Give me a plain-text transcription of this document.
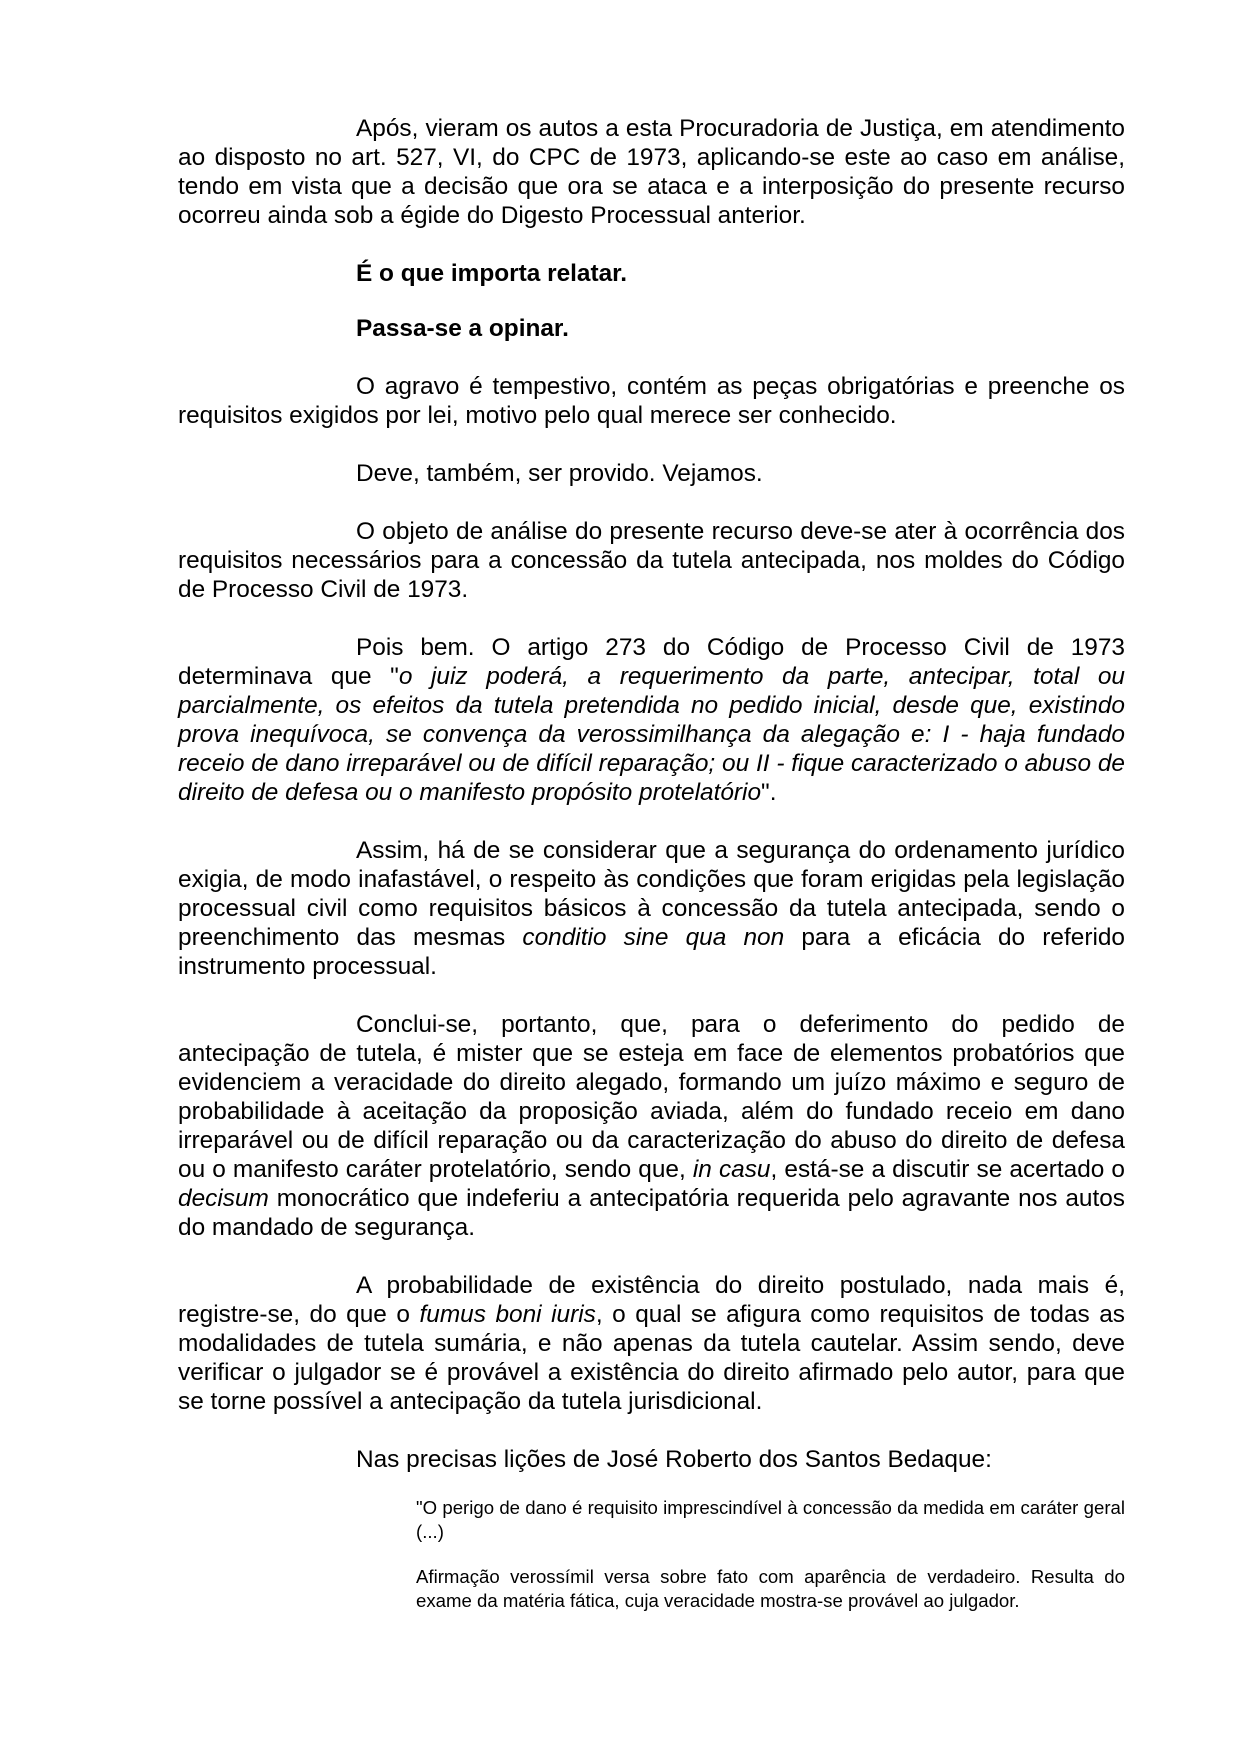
Após, vieram os autos a esta Procuradoria de Justiça, em atendimento ao disposto no art. 527, VI, do CPC de 1973, aplicando-se este ao caso em análise, tendo em vista que a decisão que ora se ataca e a interposição do presente recurso ocorreu ainda sob a égide do Digesto Processual anterior.

É o que importa relatar.

Passa-se a opinar.

O agravo é tempestivo, contém as peças obrigatórias e preenche os requisitos exigidos por lei, motivo pelo qual merece ser conhecido.

Deve, também, ser provido. Vejamos.

O objeto de análise do presente recurso deve-se ater à ocorrência dos requisitos necessários para a concessão da tutela antecipada, nos moldes do Código de Processo Civil de 1973.

Pois bem. O artigo 273 do Código de Processo Civil de 1973 determinava que "o juiz poderá, a requerimento da parte, antecipar, total ou parcialmente, os efeitos da tutela pretendida no pedido inicial, desde que, existindo prova inequívoca, se convença da verossimilhança da alegação e: I - haja fundado receio de dano irreparável ou de difícil reparação; ou II - fique caracterizado o abuso de direito de defesa ou o manifesto propósito protelatório".

Assim, há de se considerar que a segurança do ordenamento jurídico exigia, de modo inafastável, o respeito às condições que foram erigidas pela legislação processual civil como requisitos básicos à concessão da tutela antecipada, sendo o preenchimento das mesmas conditio sine qua non para a eficácia do referido instrumento processual.

Conclui-se, portanto, que, para o deferimento do pedido de antecipação de tutela, é mister que se esteja em face de elementos probatórios que evidenciem a veracidade do direito alegado, formando um juízo máximo e seguro de probabilidade à aceitação da proposição aviada, além do fundado receio em dano irreparável ou de difícil reparação ou da caracterização do abuso do direito de defesa ou o manifesto caráter protelatório, sendo que, in casu, está-se a discutir se acertado o decisum monocrático que indeferiu a antecipatória requerida pelo agravante nos autos do mandado de segurança.

A probabilidade de existência do direito postulado, nada mais é, registre-se, do que o fumus boni iuris, o qual se afigura como requisitos de todas as modalidades de tutela sumária, e não apenas da tutela cautelar. Assim sendo, deve verificar o julgador se é provável a existência do direito afirmado pelo autor, para que se torne possível a antecipação da tutela jurisdicional.

Nas precisas lições de José Roberto dos Santos Bedaque:

"O perigo de dano é requisito imprescindível à concessão da medida em caráter geral (...)

Afirmação verossímil versa sobre fato com aparência de verdadeiro. Resulta do exame da matéria fática, cuja veracidade mostra-se provável ao julgador.
